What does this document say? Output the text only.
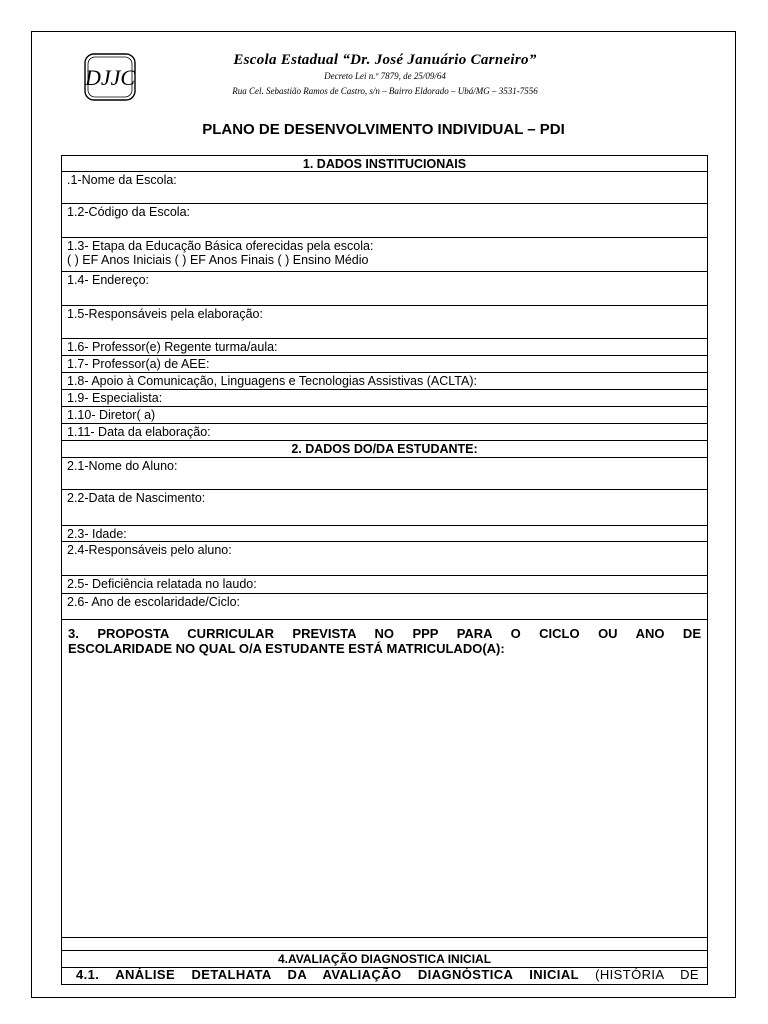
DJJC
Escola Estadual “Dr. José Januário Carneiro”
Decreto Lei n.º 7879, de 25/09/64
Rua Cel. Sebastião Ramos de Castro, s/n – Bairro Eldorado – Ubá/MG – 3531-7556
PLANO DE DESENVOLVIMENTO INDIVIDUAL – PDI
1. DADOS INSTITUCIONAIS
.1-Nome da Escola:
1.2-Código da Escola:
1.3- Etapa da Educação Básica oferecidas pela escola:
( ) EF Anos Iniciais ( ) EF Anos Finais ( ) Ensino Médio
1.4- Endereço:
1.5-Responsáveis pela elaboração:
1.6- Professor(e) Regente turma/aula:
1.7- Professor(a) de AEE:
1.8- Apoio à Comunicação, Linguagens e Tecnologias Assistivas (ACLTA):
1.9- Especialista:
1.10- Diretor( a)
1.11- Data da elaboração:
2. DADOS DO/DA ESTUDANTE:
2.1-Nome do Aluno:
2.2-Data de Nascimento:
2.3- Idade:
2.4-Responsáveis pelo aluno:
2.5- Deficiência relatada no laudo:
2.6- Ano de escolaridade/Ciclo:
3. PROPOSTA CURRICULAR PREVISTA NO PPP PARA O CICLO OU ANO DE
ESCOLARIDADE NO QUAL O/A ESTUDANTE ESTÁ MATRICULADO(A):
4.AVALIAÇÃO DIAGNOSTICA INICIAL
4.1. ANÁLISE DETALHATA DA AVALIAÇÃO DIAGNÓSTICA INICIAL (HISTÓRIA DE
